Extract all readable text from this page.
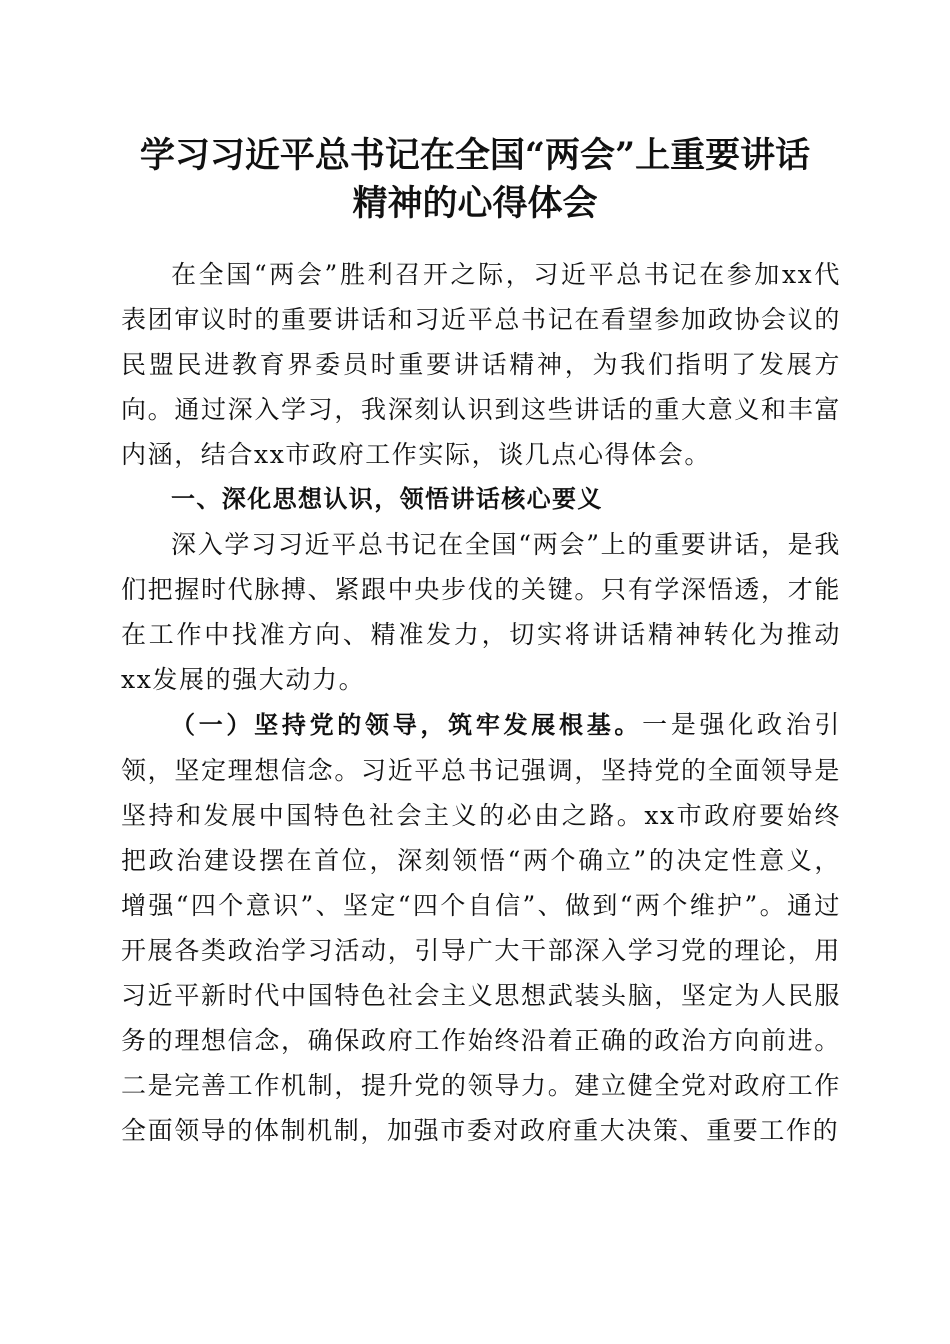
学习习近平总书记在全国“两会”上重要讲话
精神的心得体会

在全国“两会”胜利召开之际，习近平总书记在参加xx代表团审议时的重要讲话和习近平总书记在看望参加政协会议的民盟民进教育界委员时重要讲话精神，为我们指明了发展方向。通过深入学习，我深刻认识到这些讲话的重大意义和丰富内涵，结合xx市政府工作实际，谈几点心得体会。

一、深化思想认识，领悟讲话核心要义

深入学习习近平总书记在全国“两会”上的重要讲话，是我们把握时代脉搏、紧跟中央步伐的关键。只有学深悟透，才能在工作中找准方向、精准发力，切实将讲话精神转化为推动xx发展的强大动力。

（一）坚持党的领导，筑牢发展根基。一是强化政治引领，坚定理想信念。习近平总书记强调，坚持党的全面领导是坚持和发展中国特色社会主义的必由之路。xx市政府要始终把政治建设摆在首位，深刻领悟“两个确立”的决定性意义，增强“四个意识”、坚定“四个自信”、做到“两个维护”。通过开展各类政治学习活动，引导广大干部深入学习党的理论，用习近平新时代中国特色社会主义思想武装头脑，坚定为人民服务的理想信念，确保政府工作始终沿着正确的政治方向前进。二是完善工作机制，提升党的领导力。建立健全党对政府工作全面领导的体制机制，加强市委对政府重大决策、重要工作的
